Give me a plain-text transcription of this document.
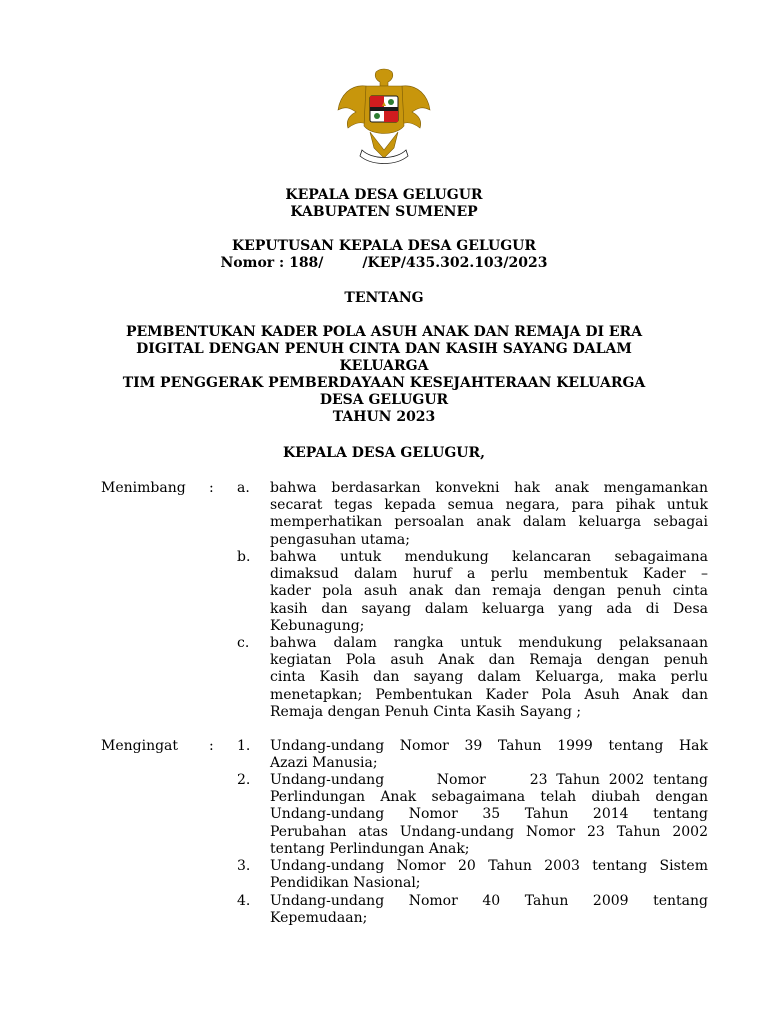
KEPALA DESA GELUGUR
KABUPATEN SUMENEP
KEPUTUSAN KEPALA DESA GELUGUR
Nomor : 188/        /KEP/435.302.103/2023
TENTANG
PEMBENTUKAN KADER POLA ASUH ANAK DAN REMAJA DI ERA
DIGITAL DENGAN PENUH CINTA DAN KASIH SAYANG DALAM
KELUARGA
TIM PENGGERAK PEMBERDAYAAN KESEJAHTERAAN KELUARGA
DESA GELUGUR
TAHUN 2023
KEPALA DESA GELUGUR,
Menimbang : a. bahwa berdasarkan konvekni hak anak mengamankan
secarat tegas kepada semua negara, para pihak untuk
memperhatikan persoalan anak dalam keluarga sebagai
pengasuhan utama;
b. bahwa untuk mendukung kelancaran sebagaimana
dimaksud dalam huruf a perlu membentuk Kader –
kader pola asuh anak dan remaja dengan penuh cinta
kasih dan sayang dalam keluarga yang ada di Desa
Kebunagung;
c. bahwa dalam rangka untuk mendukung pelaksanaan
kegiatan Pola asuh Anak dan Remaja dengan penuh
cinta Kasih dan sayang dalam Keluarga, maka perlu
menetapkan; Pembentukan Kader Pola Asuh Anak dan
Remaja dengan Penuh Cinta Kasih Sayang ;
Mengingat : 1. Undang-undang Nomor 39 Tahun 1999 tentang Hak
Azazi Manusia;
2. Undang-undang      Nomor     23 Tahun 2002 tentang
Perlindungan Anak sebagaimana telah diubah dengan
Undang-undang Nomor 35 Tahun 2014 tentang
Perubahan atas Undang-undang Nomor 23 Tahun 2002
tentang Perlindungan Anak;
3. Undang-undang Nomor 20 Tahun 2003 tentang Sistem
Pendidikan Nasional;
4. Undang-undang Nomor 40 Tahun 2009 tentang
Kepemudaan;
